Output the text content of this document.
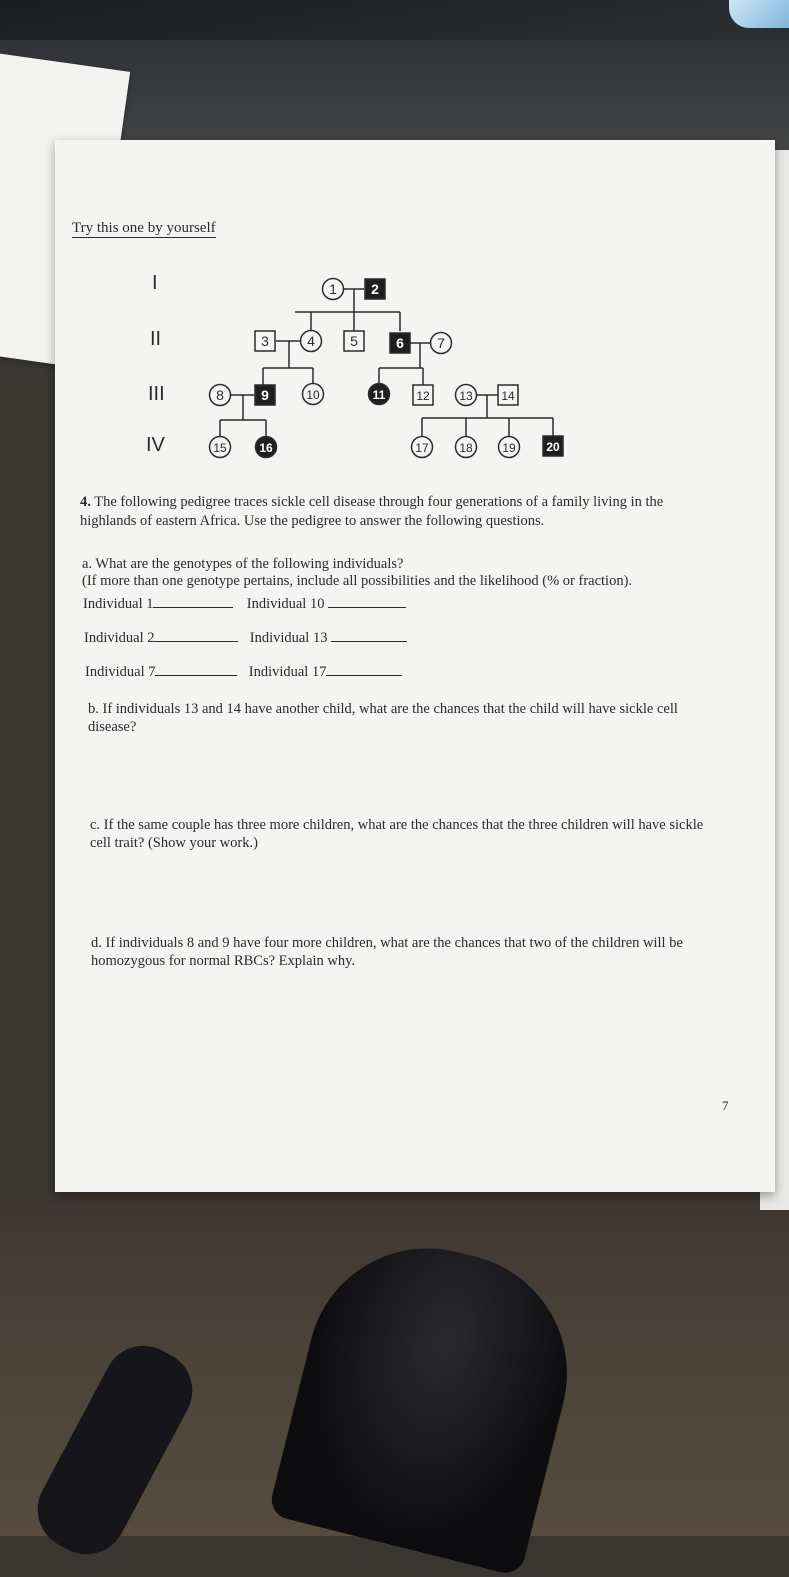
Try this one by yourself
I
II
III
IV
1 2
3	4	5	6 7
8	9	10	11	12 13 14
15	16	17	18 19	20
4. The following pedigree traces sickle cell disease through four generations of a family living in the highlands of eastern Africa. Use the pedigree to answer the following questions.
a. What are the genotypes of the following individuals?
(If more than one genotype pertains, include all possibilities and the likelihood (% or fraction).
Individual 1	Individual 10
Individual 2	Individual 13
Individual 7	Individual 17
b. If individuals 13 and 14 have another child, what are the chances that the child will have sickle cell disease?
c. If the same couple has three more children, what are the chances that the three children will have sickle cell trait? (Show your work.)
d. If individuals 8 and 9 have four more children, what are the chances that two of the children will be homozygous for normal RBCs? Explain why.
7
